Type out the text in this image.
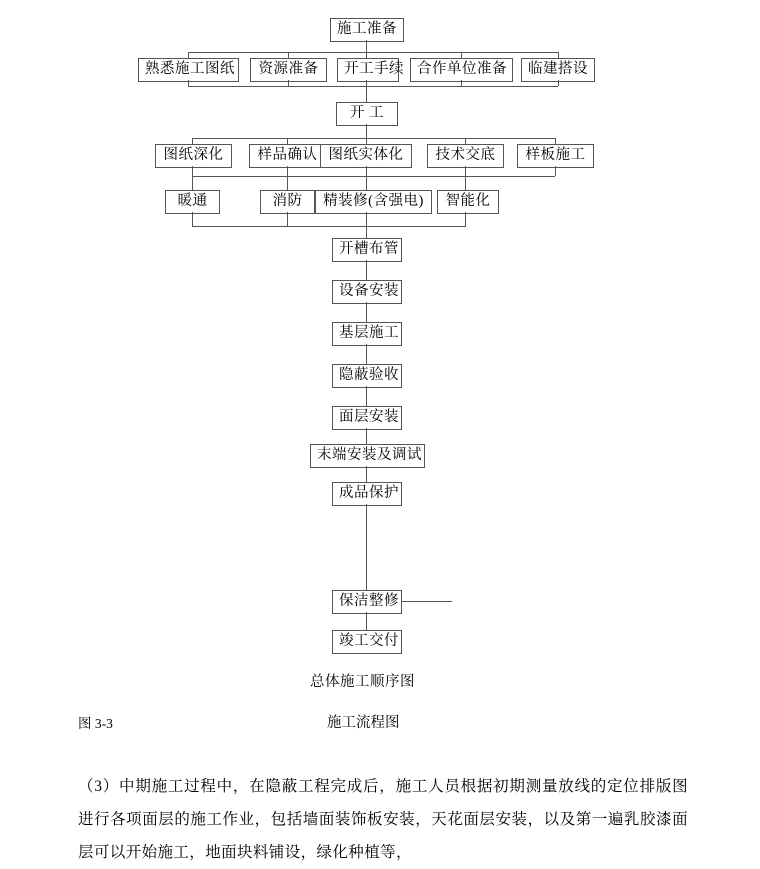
施工准备
熟悉施工图纸	资源准备	开工手续 合作单位准备	临建搭设
开 工
图纸深化	样品确认 图纸实体化	技术交底	样板施工
暖通	消防	精装修(含强电)	智能化
开槽布管
设备安装
基层施工
隐蔽验收
面层安装
末端安装及调试
成品保护
保洁整修
竣工交付
总体施工顺序图
图 3-3	施工流程图
（3）中期施工过程中，在隐蔽工程完成后，施工人员根据初期测量放线的定位排版图进行各项面层的施工作业，包括墙面装饰板安装，天花面层安装，以及第一遍乳胶漆面层可以开始施工，地面块料铺设，绿化种植等，
